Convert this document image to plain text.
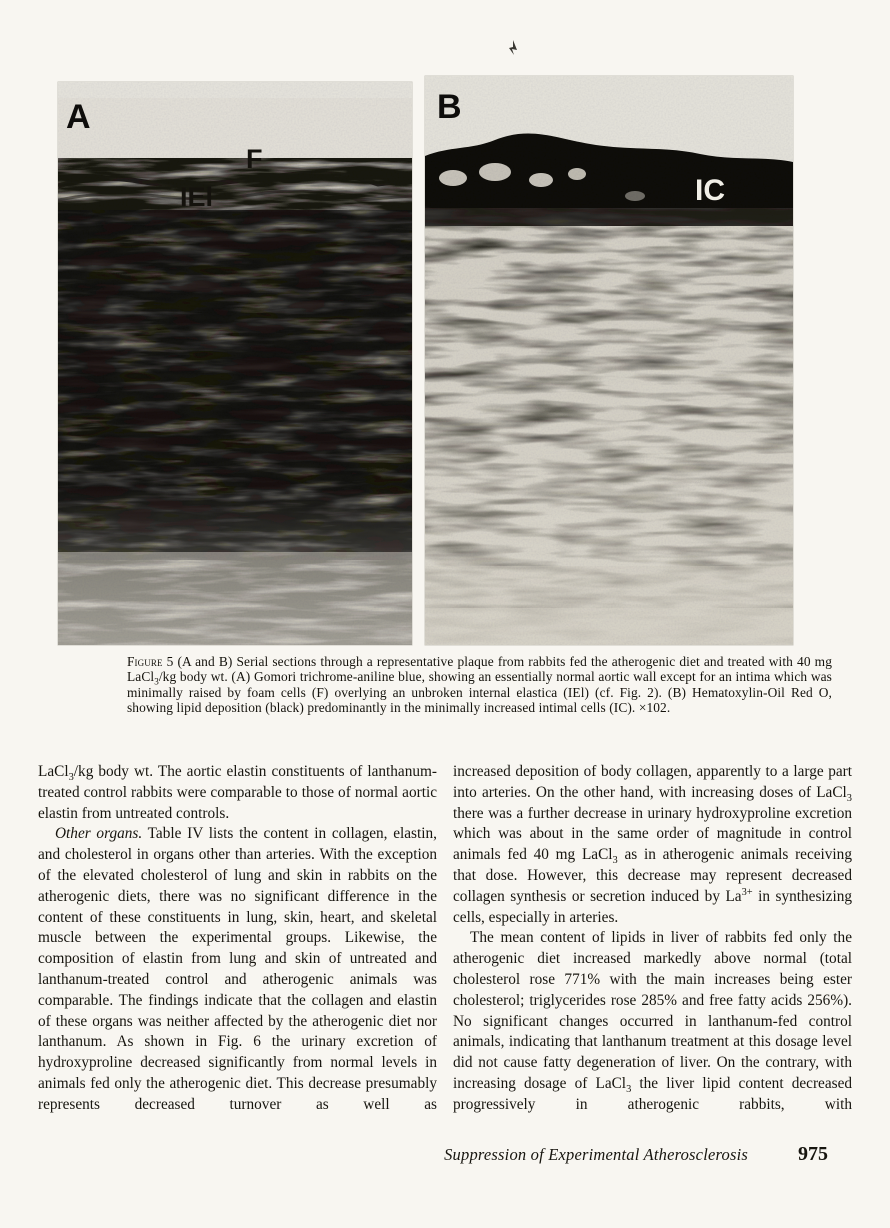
A
F
IEl
B
IC
Figure 5 (A and B) Serial sections through a representative plaque from rabbits fed the atherogenic diet and treated with 40 mg LaCl$_3$/kg body wt. (A) Gomori trichrome-aniline blue, showing an essentially normal aortic wall except for an intima which was minimally raised by foam cells (F) overlying an unbroken internal elastica (IEl) (cf. Fig. 2). (B) Hematoxylin-Oil Red O, showing lipid deposition (black) predominantly in the minimally increased intimal cells (IC). ×102.

LaCl$_3$/kg body wt. The aortic elastin constituents of lanthanum-treated control rabbits were comparable to those of normal aortic elastin from untreated controls.

Other organs. Table IV lists the content in collagen, elastin, and cholesterol in organs other than arteries. With the exception of the elevated cholesterol of lung and skin in rabbits on the atherogenic diets, there was no significant difference in the content of these constituents in lung, skin, heart, and skeletal muscle between the experimental groups. Likewise, the composition of elastin from lung and skin of untreated and lanthanum-treated control and atherogenic animals was comparable. The findings indicate that the collagen and elastin of these organs was neither affected by the atherogenic diet nor lanthanum. As shown in Fig. 6 the urinary excretion of hydroxyproline decreased significantly from normal levels in animals fed only the atherogenic diet. This decrease presumably represents decreased turnover as well as

increased deposition of body collagen, apparently to a large part into arteries. On the other hand, with increasing doses of LaCl$_3$ there was a further decrease in urinary hydroxyproline excretion which was about in the same order of magnitude in control animals fed 40 mg LaCl$_3$ as in atherogenic animals receiving that dose. However, this decrease may represent decreased collagen synthesis or secretion induced by $La^{3+}$ in synthesizing cells, especially in arteries.

The mean content of lipids in liver of rabbits fed only the atherogenic diet increased markedly above normal (total cholesterol rose 771% with the main increases being ester cholesterol; triglycerides rose 285% and free fatty acids 256%). No significant changes occurred in lanthanum-fed control animals, indicating that lanthanum treatment at this dosage level did not cause fatty degeneration of liver. On the contrary, with increasing dosage of LaCl$_3$ the liver lipid content decreased progressively in atherogenic rabbits, with

Suppression of Experimental Atherosclerosis	975
